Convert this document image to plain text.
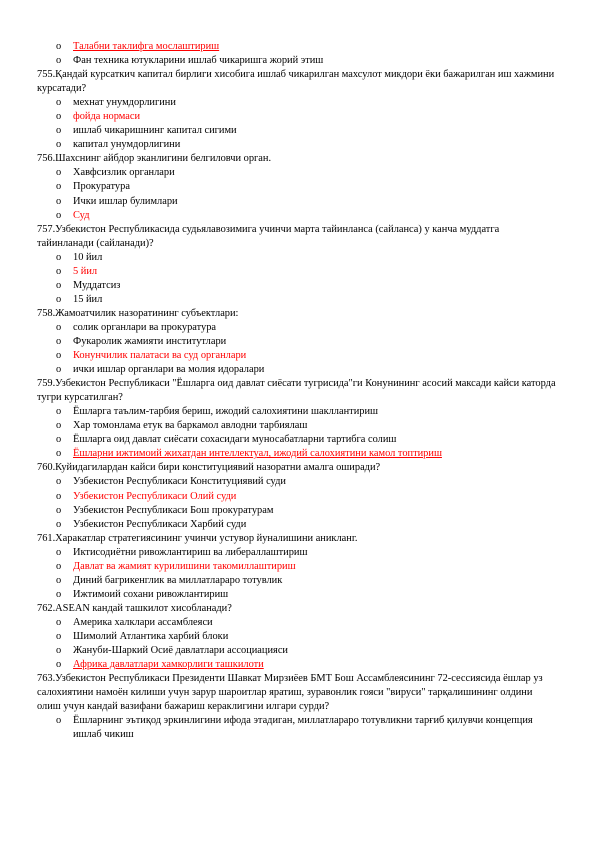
o Талабни таклифга мослаштириш
o Фан техника ютукларини ишлаб чикаришга жорий этиш
755.Қандай курсаткич капитал бирлиги хисобига ишлаб чикарилган махсулот микдори ёки бажарилган иш хажмини курсатади?
o мехнат унумдорлигини
o фойда нормаси
o ишлаб чикаришнинг капитал сигими
o капитал унумдорлигини
756.Шахснинг айбдор эканлигини белгиловчи орган.
o Хавфсизлик органлари
o Прокуратура
o Ички ишлар булимлари
o Суд
757.Узбекистон Республикасида судьялавозимига учинчи марта тайинланса (сайланса) у канча муддатга тайинланади (сайланади)?
o 10 йил
o 5 йил
o Муддатсиз
o 15 йил
758.Жамоатчилик назоратининг субъектлари:
o солик органлари ва прокуратура
o Фукаролик жамияти институтлари
o Конунчилик палатаси ва суд органлари
o ички ишлар органлари ва молия идоралари
759.Узбекистон Республикаси "Ёшларга оид давлат сиёсати тугрисида"ги Конунининг асосий максади кайси каторда тугри курсатилган?
o Ёшларга таълим-тарбия бериш, ижодий салохиятини шакллантириш
o Хар томонлама етук ва баркамол авлодни тарбиялаш
o Ёшларга оид давлат сиёсати сохасидаги муносабатларни тартибга солиш
o Ёшларни ижтимоий жихатдан интеллектуал, ижодий салохиятини камол топтириш
760.Куйидагилардан кайси бири конституциявий назоратни амалга оширади?
o Узбекистон Республикаси Конституциявий суди
o Узбекистон Республикаси Олий суди
o Узбекистон Республикаси Бош прокуратурам
o Узбекистон Республикаси Харбий суди
761.Харакатлар стратегиясининг учинчи устувор йуналишини аникланг.
o Иктисодиётни ривожлантириш ва либераллаштириш
o Давлат ва жамият курилишини такомиллаштириш
o Диний багрикенглик ва миллатлараро тотувлик
o Ижтимоий сохани ривожлантириш
762.ASEAN кандай ташкилот хисобланади?
o Америка халклари ассамблеяси
o Шимолий Атлантика харбий блоки
o Жануби-Шаркий Осиё давлатлари ассоциацияси
o Африка давлатлари хамкорлиги ташкилоти
763.Узбекистон Республикаси Президенти Шавкат Мирзиёев БМТ Бош Ассамблеясининг 72-сессиясида ёшлар уз салохиятини намоён килиши учун зарур шароитлар яратиш, зуравонлик гояси "вируси" тарқалишининг олдини олиш учун кандай вазифани бажариш кераклигини илгари сурди?
o Ёшларнинг эътиқод эркинлигини ифода этадиган, миллатлараро тотувликни тарғиб қилувчи концепция ишлаб чикиш
